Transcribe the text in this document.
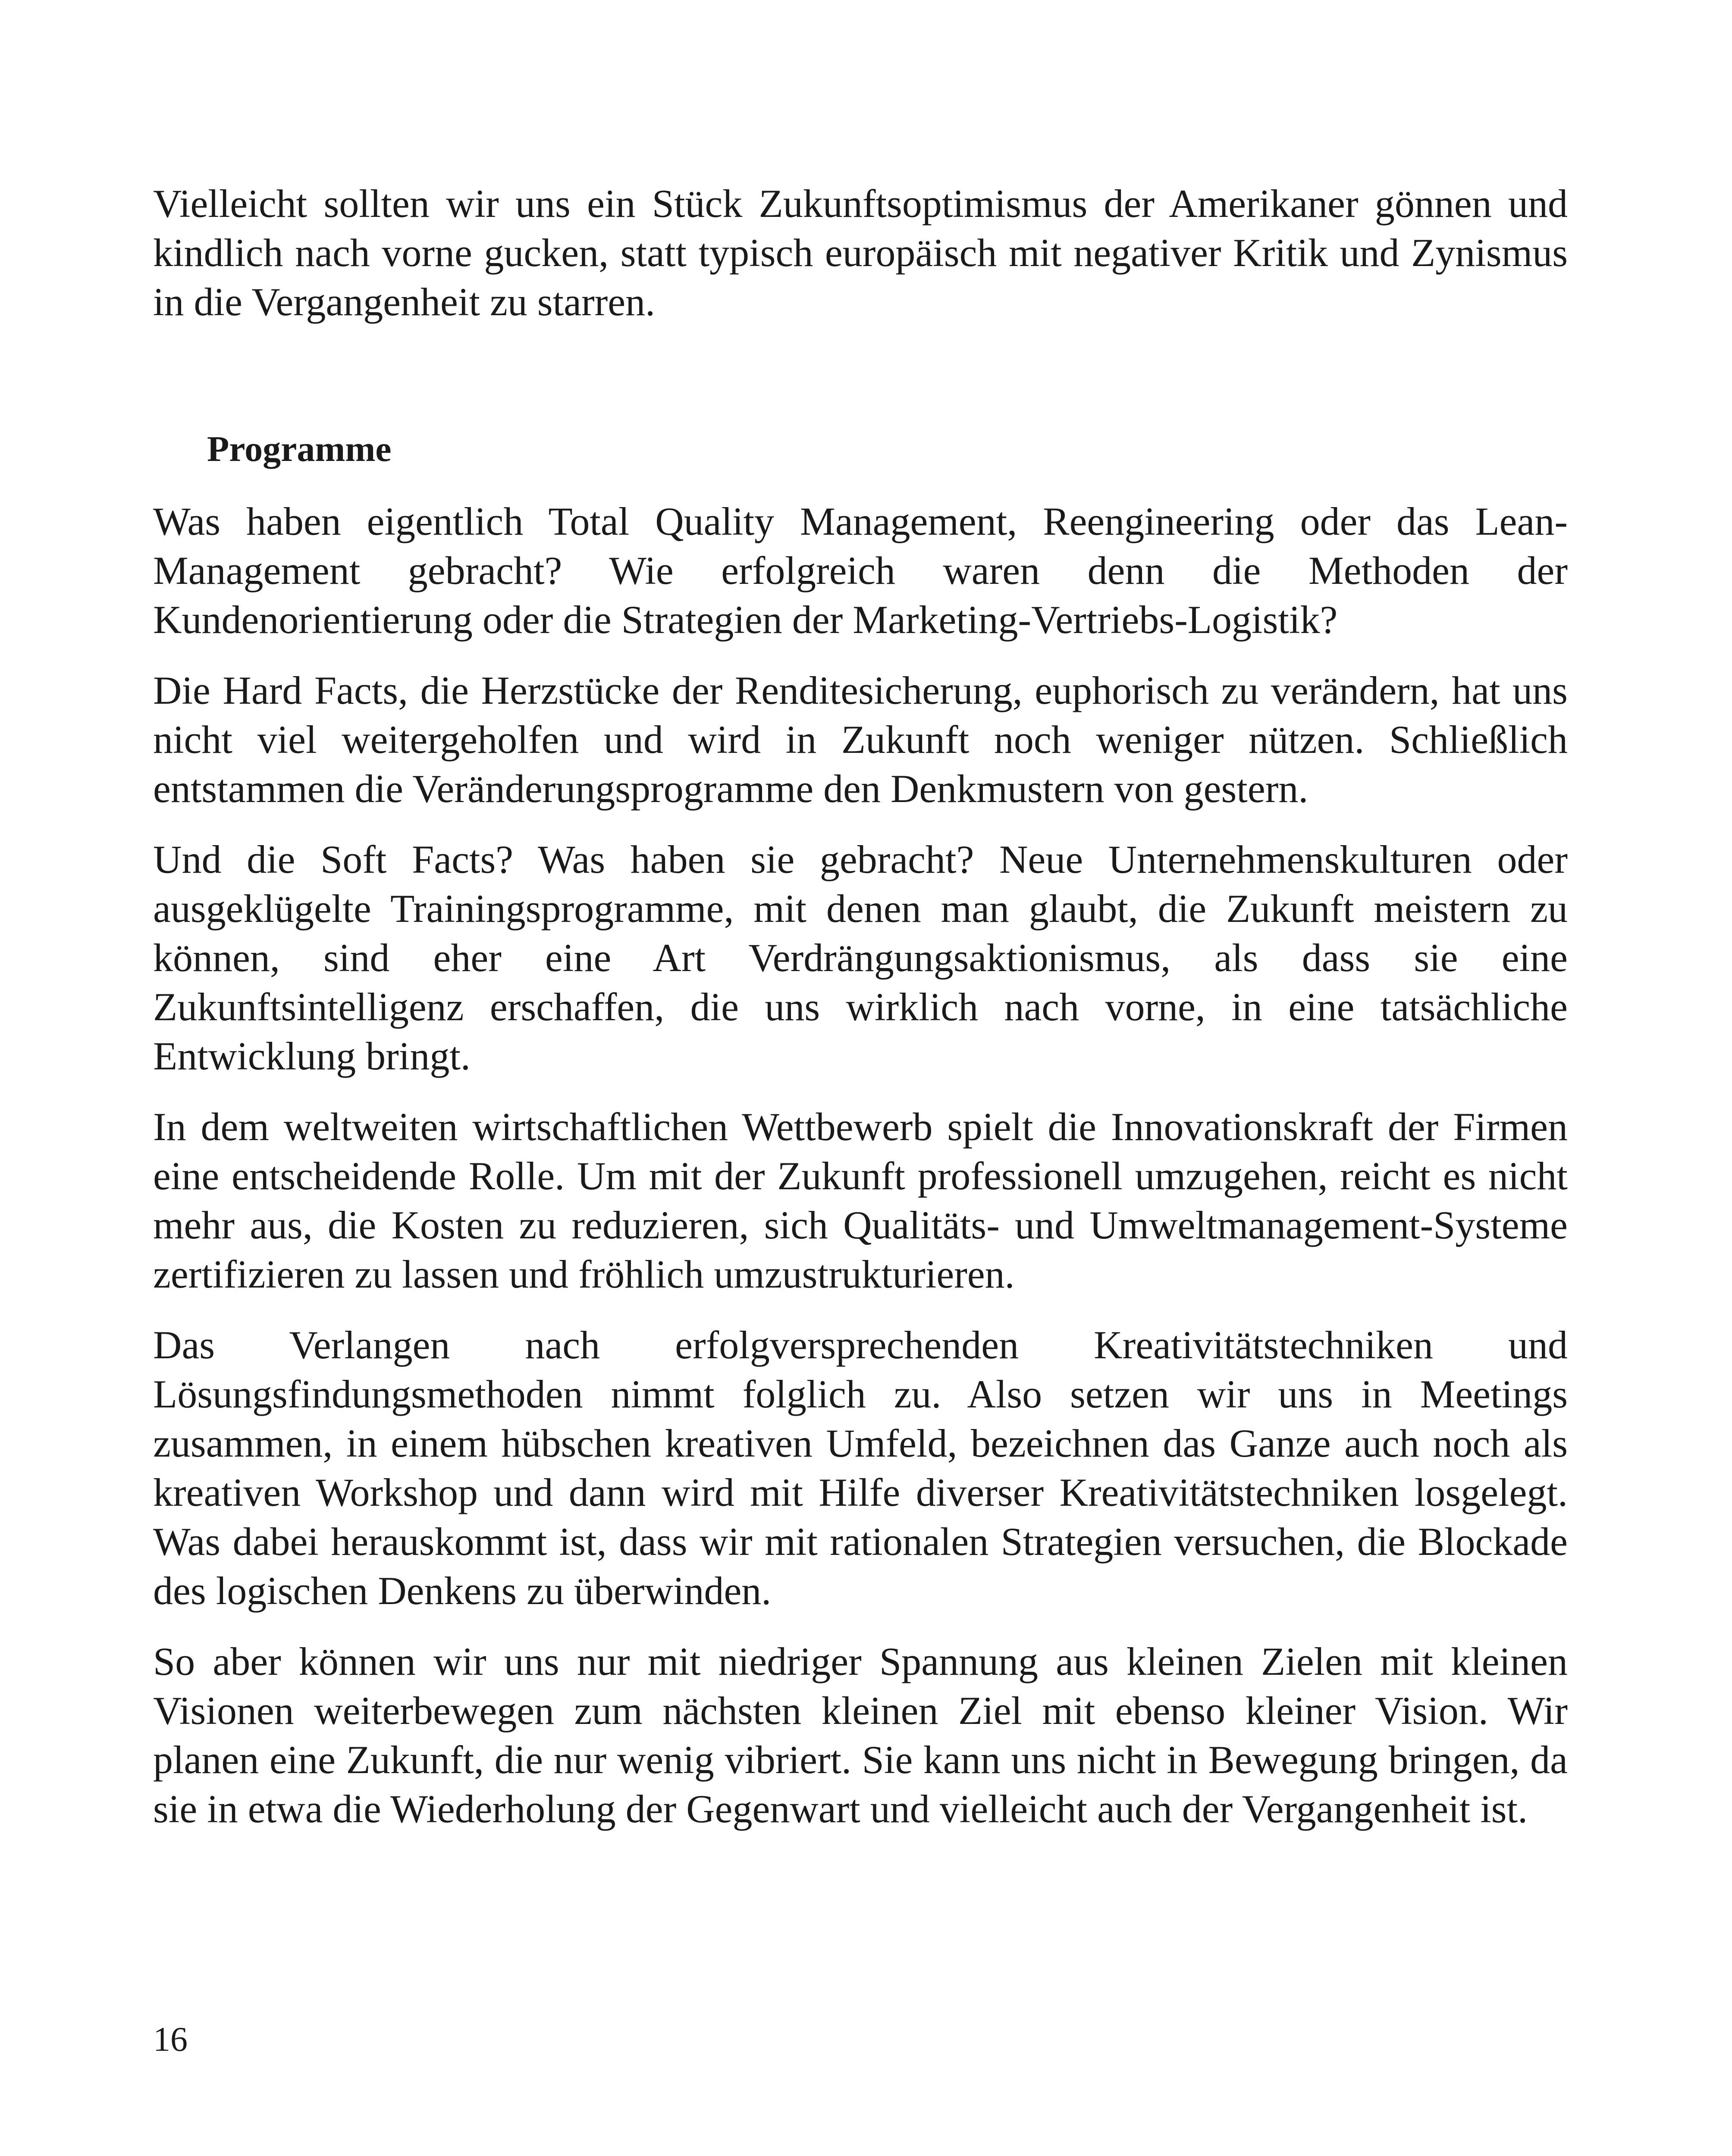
Vielleicht sollten wir uns ein Stück Zukunftsoptimismus der Amerikaner gönnen und kindlich nach vorne gucken, statt typisch europäisch mit negativer Kritik und Zynismus in die Vergangenheit zu starren.

Programme

Was haben eigentlich Total Quality Management, Reengineering oder das Lean-Management gebracht? Wie erfolgreich waren denn die Methoden der Kundenorientierung oder die Strategien der Marketing-Vertriebs-Logistik?

Die Hard Facts, die Herzstücke der Renditesicherung, euphorisch zu verändern, hat uns nicht viel weitergeholfen und wird in Zukunft noch weniger nützen. Schließlich entstammen die Veränderungsprogramme den Denkmustern von gestern.

Und die Soft Facts? Was haben sie gebracht? Neue Unternehmenskulturen oder ausgeklügelte Trainingsprogramme, mit denen man glaubt, die Zukunft meistern zu können, sind eher eine Art Verdrängungsaktionismus, als dass sie eine Zukunftsintelligenz erschaffen, die uns wirklich nach vorne, in eine tatsächliche Entwicklung bringt.

In dem weltweiten wirtschaftlichen Wettbewerb spielt die Innovationskraft der Firmen eine entscheidende Rolle. Um mit der Zukunft professionell umzugehen, reicht es nicht mehr aus, die Kosten zu reduzieren, sich Qualitäts- und Umweltmanagement-Systeme zertifizieren zu lassen und fröhlich umzustrukturieren.

Das Verlangen nach erfolgversprechenden Kreativitätstechniken und Lösungsfindungsmethoden nimmt folglich zu. Also setzen wir uns in Meetings zusammen, in einem hübschen kreativen Umfeld, bezeichnen das Ganze auch noch als kreativen Workshop und dann wird mit Hilfe diverser Kreativitätstechniken losgelegt. Was dabei herauskommt ist, dass wir mit rationalen Strategien versuchen, die Blockade des logischen Denkens zu überwinden.

So aber können wir uns nur mit niedriger Spannung aus kleinen Zielen mit kleinen Visionen weiterbewegen zum nächsten kleinen Ziel mit ebenso kleiner Vision. Wir planen eine Zukunft, die nur wenig vibriert. Sie kann uns nicht in Bewegung bringen, da sie in etwa die Wiederholung der Gegenwart und vielleicht auch der Vergangenheit ist.

16
